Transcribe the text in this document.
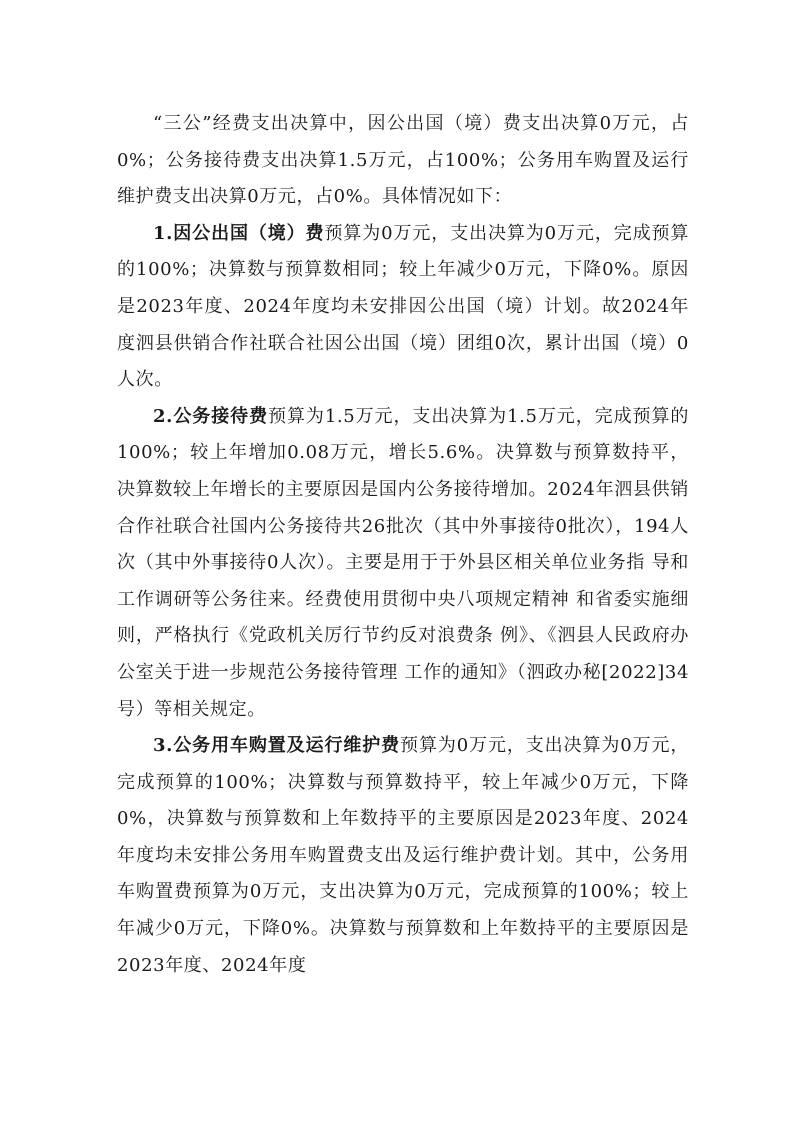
“三公”经费支出决算中，因公出国（境）费支出决算0万元，占0%；公务接待费支出决算1.5万元，占100%；公务用车购置及运行维护费支出决算0万元，占0%。具体情况如下：

1.因公出国（境）费预算为0万元，支出决算为0万元，完成预算的100%；决算数与预算数相同；较上年减少0万元，下降0%。原因是2023年度、2024年度均未安排因公出国（境）计划。故2024年度泗县供销合作社联合社因公出国（境）团组0次，累计出国（境）0人次。

2.公务接待费预算为1.5万元，支出决算为1.5万元，完成预算的100%；较上年增加0.08万元，增长5.6%。决算数与预算数持平，决算数较上年增长的主要原因是国内公务接待增加。2024年泗县供销合作社联合社国内公务接待共26批次（其中外事接待0批次），194人次（其中外事接待0人次）。主要是用于于外县区相关单位业务指 导和工作调研等公务往来。经费使用贯彻中央八项规定精神 和省委实施细则，严格执行《党政机关厉行节约反对浪费条 例》、《泗县人民政府办公室关于进一步规范公务接待管理 工作的通知》（泗政办秘[2022]34号）等相关规定。

3.公务用车购置及运行维护费预算为0万元，支出决算为0万元，完成预算的100%；决算数与预算数持平，较上年减少0万元，下降0%，决算数与预算数和上年数持平的主要原因是2023年度、2024年度均未安排公务用车购置费支出及运行维护费计划。其中，公务用车购置费预算为0万元，支出决算为0万元，完成预算的100%；较上年减少0万元，下降0%。决算数与预算数和上年数持平的主要原因是2023年度、2024年度
